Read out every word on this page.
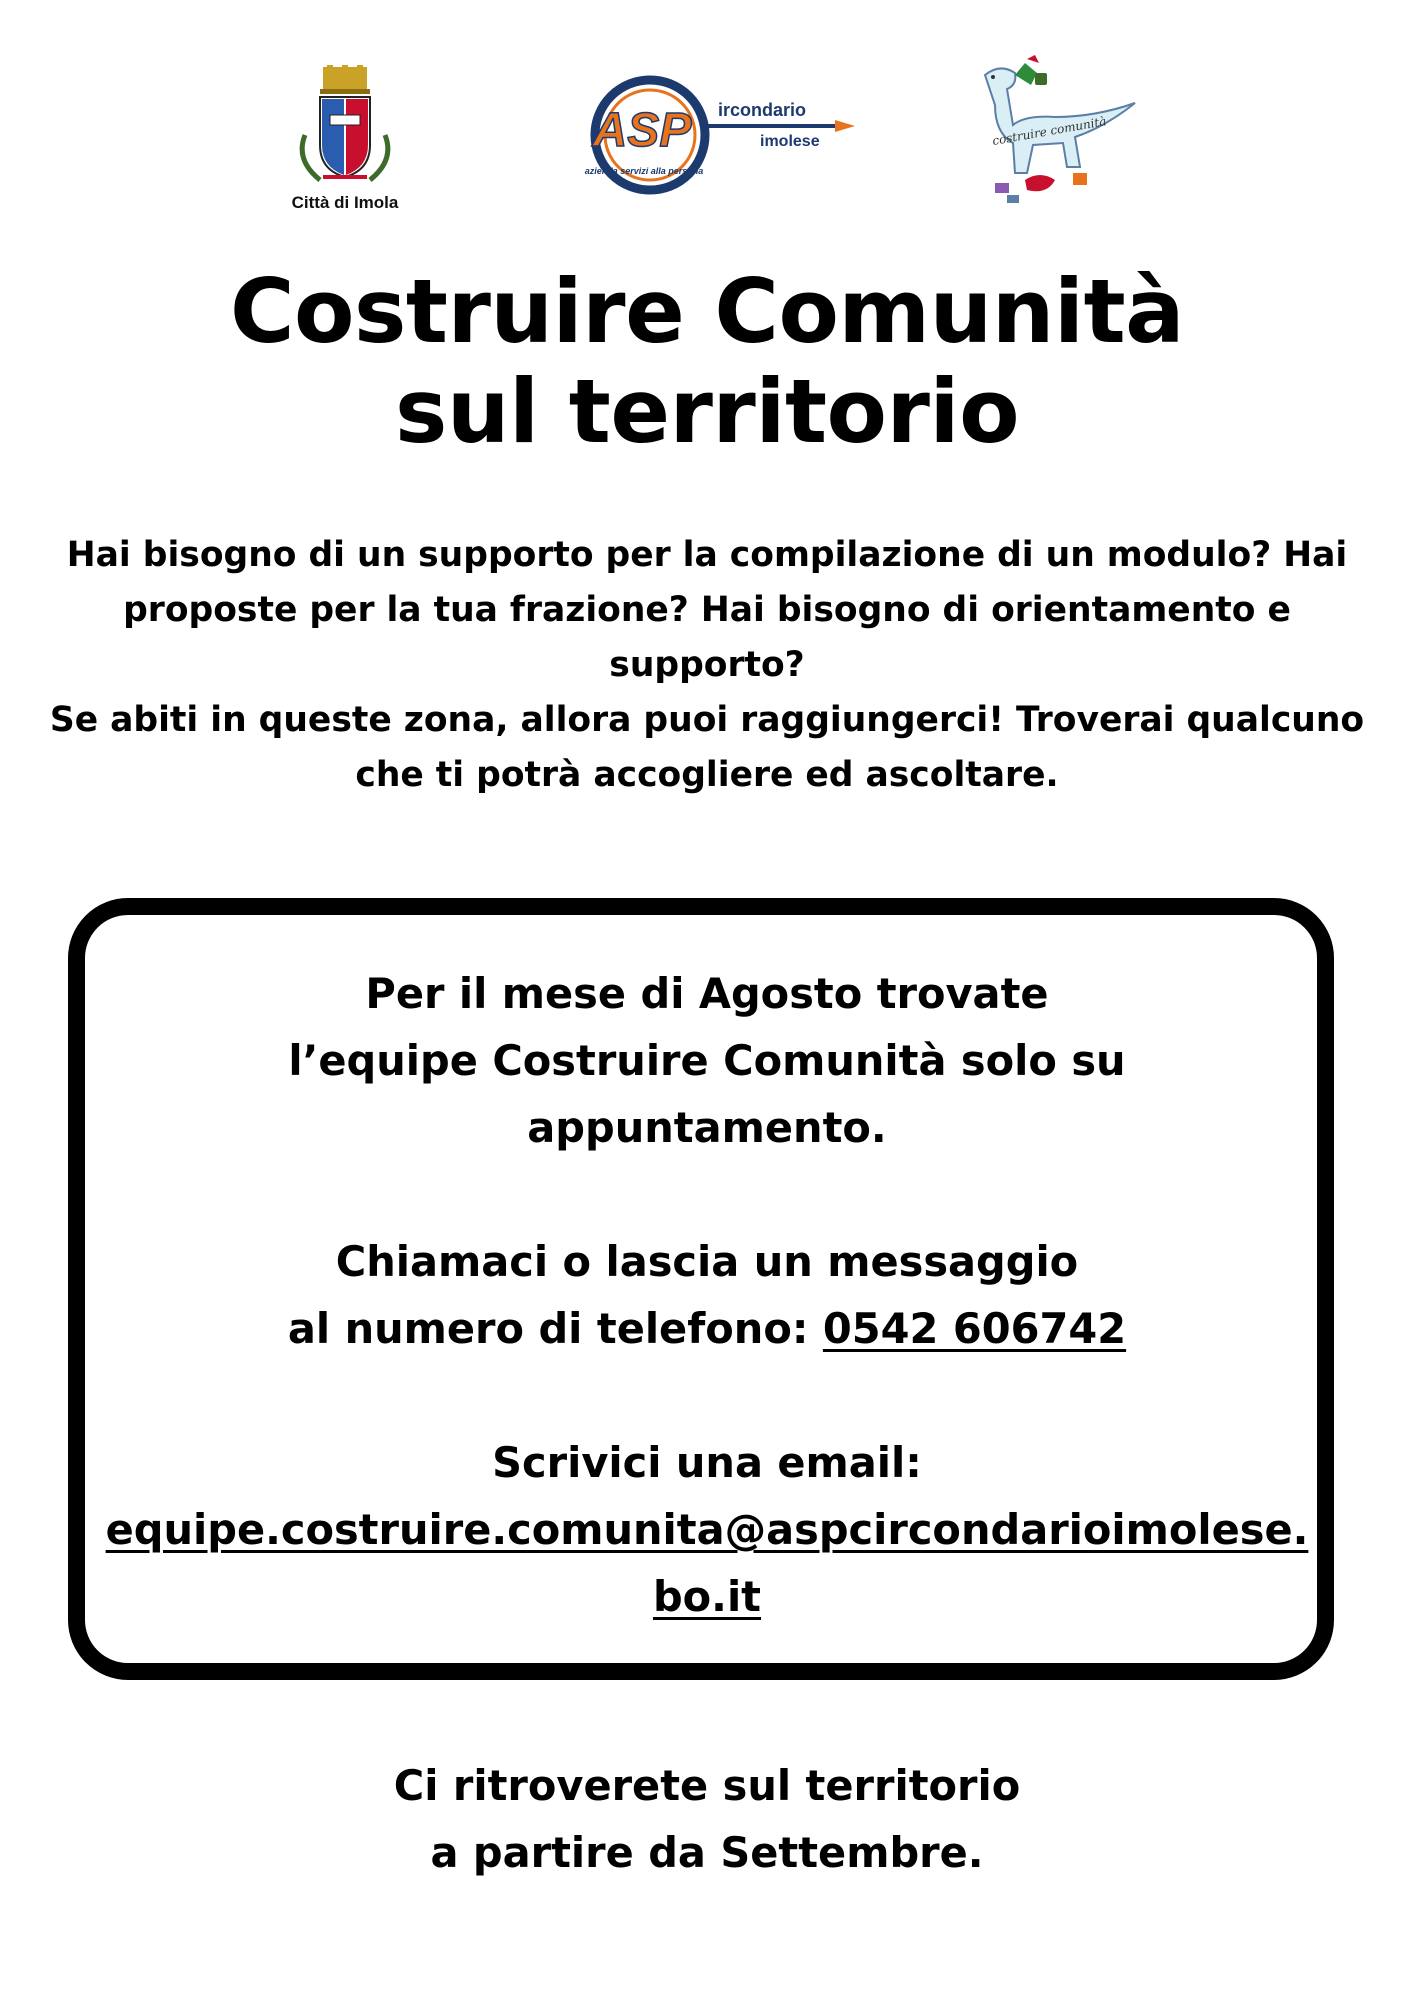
Città di Imola
ASP ircondario
imolese
azienda servizi alla persona
costruire comunità
Costruire Comunità
sul territorio

Hai bisogno di un supporto per la compilazione di un modulo? Hai
proposte per la tua frazione? Hai bisogno di orientamento e
supporto?
Se abiti in queste zona, allora puoi raggiungerci! Troverai qualcuno
che ti potrà accogliere ed ascoltare.

Per il mese di Agosto trovate
l’equipe Costruire Comunità solo su
appuntamento.

Chiamaci o lascia un messaggio
al numero di telefono: 0542 606742

Scrivici una email:
equipe.costruire.comunita@aspcircondarioimolese.bo.it

Ci ritroverete sul territorio
a partire da Settembre.
